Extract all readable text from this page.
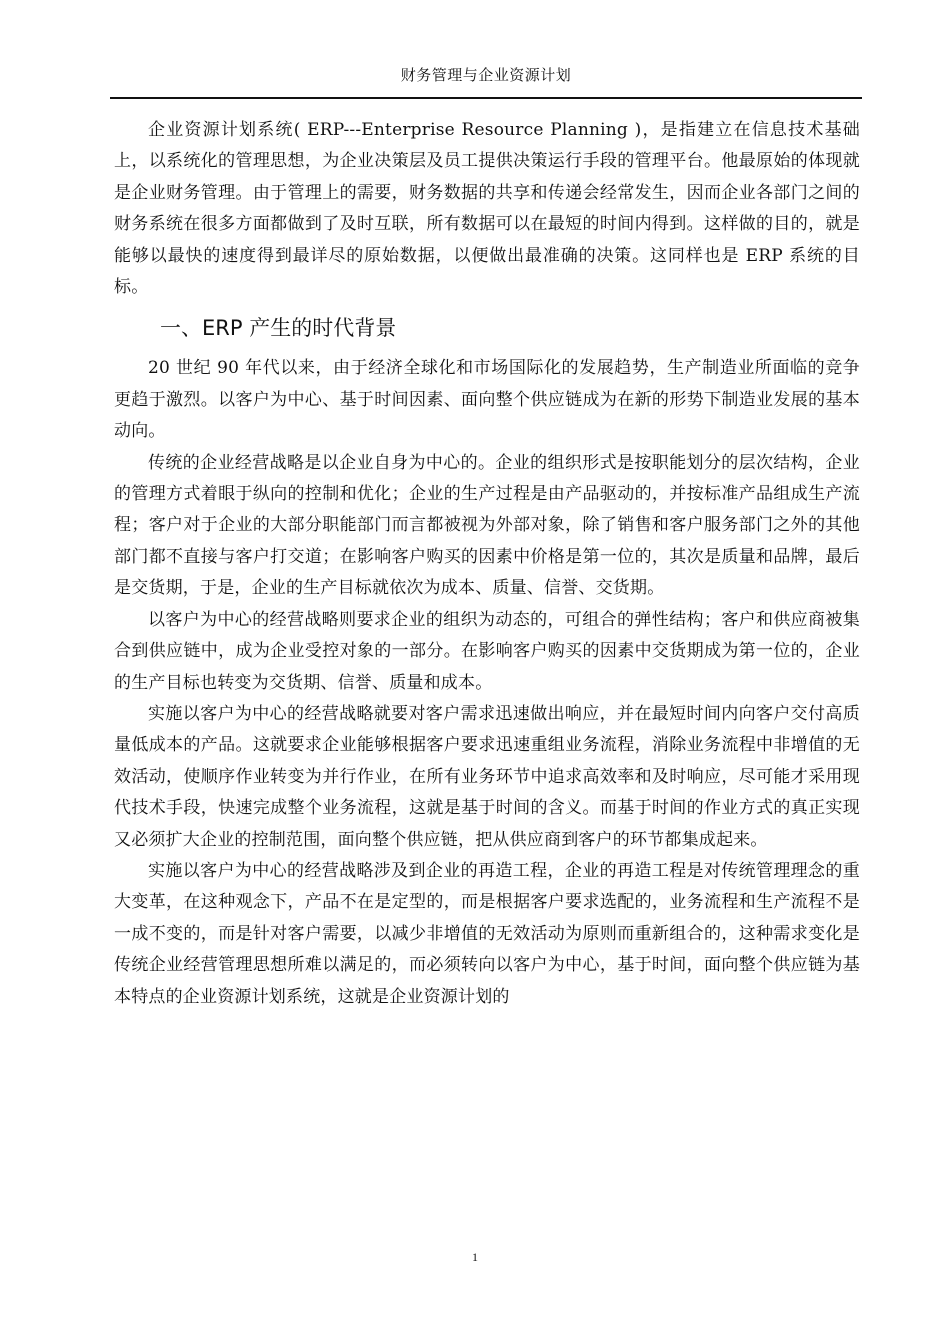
财务管理与企业资源计划

企业资源计划系统( ERP---Enterprise Resource Planning )，是指建立在信息技术基础上，以系统化的管理思想，为企业决策层及员工提供决策运行手段的管理平台。他最原始的体现就是企业财务管理。由于管理上的需要，财务数据的共享和传递会经常发生，因而企业各部门之间的财务系统在很多方面都做到了及时互联，所有数据可以在最短的时间内得到。这样做的目的，就是能够以最快的速度得到最详尽的原始数据，以便做出最准确的决策。这同样也是 ERP 系统的目标。

一、ERP 产生的时代背景

20 世纪 90 年代以来，由于经济全球化和市场国际化的发展趋势，生产制造业所面临的竞争更趋于激烈。以客户为中心、基于时间因素、面向整个供应链成为在新的形势下制造业发展的基本动向。

传统的企业经营战略是以企业自身为中心的。企业的组织形式是按职能划分的层次结构，企业的管理方式着眼于纵向的控制和优化；企业的生产过程是由产品驱动的，并按标准产品组成生产流程；客户对于企业的大部分职能部门而言都被视为外部对象，除了销售和客户服务部门之外的其他部门都不直接与客户打交道；在影响客户购买的因素中价格是第一位的，其次是质量和品牌，最后是交货期，于是，企业的生产目标就依次为成本、质量、信誉、交货期。

以客户为中心的经营战略则要求企业的组织为动态的，可组合的弹性结构；客户和供应商被集合到供应链中，成为企业受控对象的一部分。在影响客户购买的因素中交货期成为第一位的，企业的生产目标也转变为交货期、信誉、质量和成本。

实施以客户为中心的经营战略就要对客户需求迅速做出响应，并在最短时间内向客户交付高质量低成本的产品。这就要求企业能够根据客户要求迅速重组业务流程，消除业务流程中非增值的无效活动，使顺序作业转变为并行作业，在所有业务环节中追求高效率和及时响应，尽可能才采用现代技术手段，快速完成整个业务流程，这就是基于时间的含义。而基于时间的作业方式的真正实现又必须扩大企业的控制范围，面向整个供应链，把从供应商到客户的环节都集成起来。

实施以客户为中心的经营战略涉及到企业的再造工程，企业的再造工程是对传统管理理念的重大变革，在这种观念下，产品不在是定型的，而是根据客户要求选配的，业务流程和生产流程不是一成不变的，而是针对客户需要，以减少非增值的无效活动为原则而重新组合的，这种需求变化是传统企业经营管理思想所难以满足的，而必须转向以客户为中心，基于时间，面向整个供应链为基本特点的企业资源计划系统，这就是企业资源计划的

1
